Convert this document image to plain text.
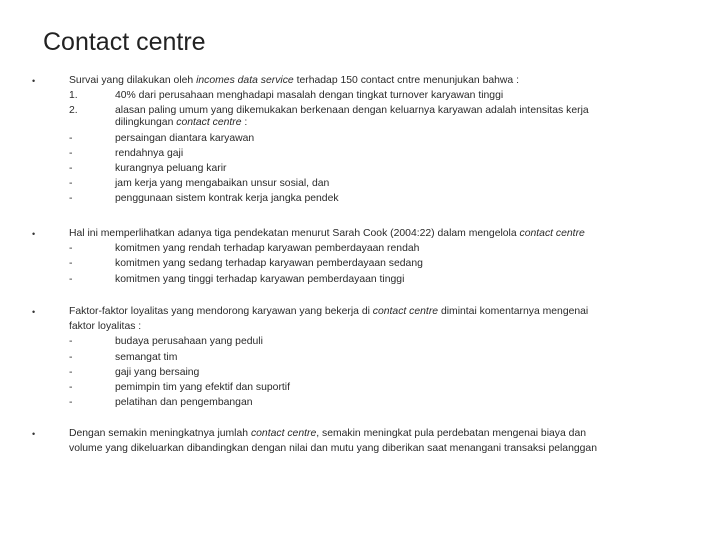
Contact centre
•	Survai yang dilakukan oleh incomes data service terhadap 150 contact cntre menunjukan bahwa :
1.	40% dari perusahaan menghadapi masalah dengan tingkat turnover karyawan tinggi
2.	alasan paling umum yang dikemukakan berkenaan dengan keluarnya karyawan adalah intensitas kerja
dilingkungan contact centre :
-	persaingan diantara karyawan
-	rendahnya gaji
-	kurangnya peluang karir
-	jam kerja yang mengabaikan unsur sosial, dan
-	penggunaan sistem kontrak kerja jangka pendek
•	Hal ini memperlihatkan adanya tiga pendekatan menurut Sarah Cook (2004:22) dalam mengelola contact centre
-	komitmen yang rendah terhadap karyawan pemberdayaan rendah
-	komitmen yang sedang terhadap karyawan pemberdayaan sedang
-	komitmen yang tinggi terhadap karyawan pemberdayaan tinggi
•	Faktor-faktor loyalitas yang mendorong karyawan yang bekerja di contact centre dimintai komentarnya mengenai
faktor loyalitas :
-	budaya perusahaan yang peduli
-	semangat tim
-	gaji yang bersaing
-	pemimpin tim yang efektif dan suportif
-	pelatihan dan pengembangan
•	Dengan semakin meningkatnya jumlah contact centre, semakin meningkat pula perdebatan mengenai biaya dan
volume yang dikeluarkan dibandingkan dengan nilai dan mutu yang diberikan saat menangani transaksi pelanggan
